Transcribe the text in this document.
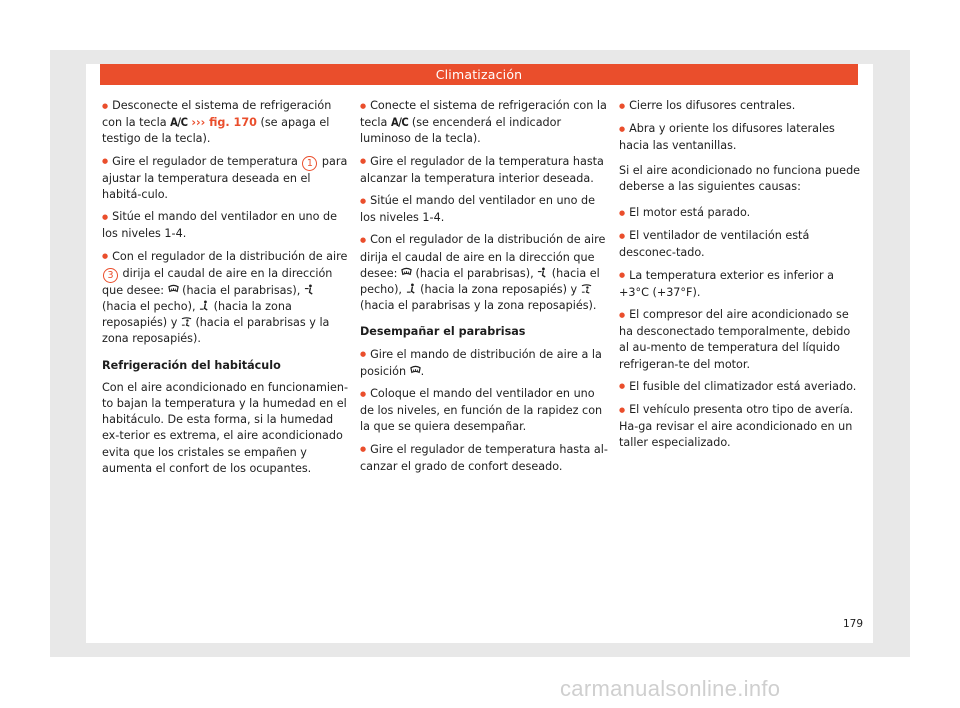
Climatización

● Desconecte el sistema de refrigeración con la tecla A/C ››› fig. 170 (se apaga el testigo de la tecla).

● Gire el regulador de temperatura 1 para ajustar la temperatura deseada en el habitá-culo.

● Sitúe el mando del ventilador en uno de los niveles 1-4.

● Con el regulador de la distribución de aire 3 dirija el caudal de aire en la dirección que desee:
(hacia el parabrisas),
(hacia el pecho),
(hacia la zona reposapiés) y
(hacia el parabrisas y la zona reposapiés).

Refrigeración del habitáculo

Con el aire acondicionado en funcionamien-to bajan la temperatura y la humedad en el habitáculo. De esta forma, si la humedad ex-terior es extrema, el aire acondicionado evita que los cristales se empañen y aumenta el confort de los ocupantes.

● Conecte el sistema de refrigeración con la tecla A/C (se encenderá el indicador luminoso de la tecla).

● Gire el regulador de la temperatura hasta alcanzar la temperatura interior deseada.

● Sitúe el mando del ventilador en uno de los niveles 1-4.

● Con el regulador de la distribución de aire dirija el caudal de aire en la dirección que desee:
(hacia el parabrisas),
(hacia el pecho),
(hacia la zona reposapiés) y
(hacia el parabrisas y la zona reposapiés).

Desempañar el parabrisas

● Gire el mando de distribución de aire a la posición
.

● Coloque el mando del ventilador en uno de los niveles, en función de la rapidez con la que se quiera desempañar.

● Gire el regulador de temperatura hasta al-canzar el grado de confort deseado.

● Cierre los difusores centrales.

● Abra y oriente los difusores laterales hacia las ventanillas.

Si el aire acondicionado no funciona puede deberse a las siguientes causas:

● El motor está parado.

● El ventilador de ventilación está desconec-tado.

● La temperatura exterior es inferior a +3°C (+37°F).

● El compresor del aire acondicionado se ha desconectado temporalmente, debido al au-mento de temperatura del líquido refrigeran-te del motor.

● El fusible del climatizador está averiado.

● El vehículo presenta otro tipo de avería. Ha-ga revisar el aire acondicionado en un taller especializado.

179
carmanualsonline.info
